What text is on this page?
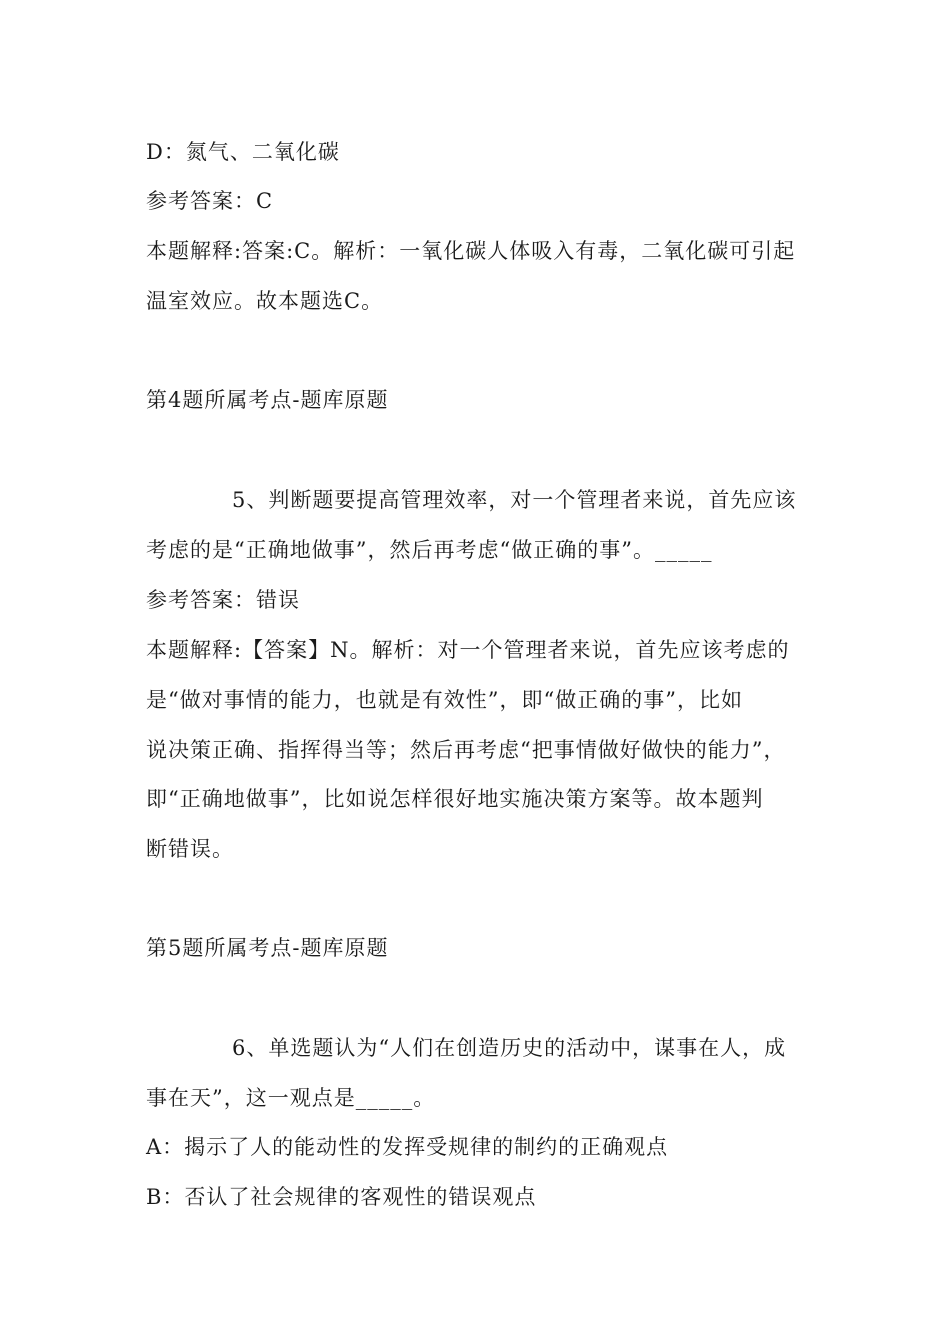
D：氮气、二氧化碳
参考答案：C
本题解释:答案:C。解析：一氧化碳人体吸入有毒，二氧化碳可引起
温室效应。故本题选C。
第4题所属考点-题库原题
5、判断题要提高管理效率，对一个管理者来说，首先应该
考虑的是“正确地做事”，然后再考虑“做正确的事”。_____
参考答案：错误
本题解释:【答案】N。解析：对一个管理者来说，首先应该考虑的
是“做对事情的能力，也就是有效性”，即“做正确的事”，比如
说决策正确、指挥得当等；然后再考虑“把事情做好做快的能力”，
即“正确地做事”，比如说怎样很好地实施决策方案等。故本题判
断错误。
第5题所属考点-题库原题
6、单选题认为“人们在创造历史的活动中，谋事在人，成
事在天”，这一观点是_____。
A：揭示了人的能动性的发挥受规律的制约的正确观点
B：否认了社会规律的客观性的错误观点
